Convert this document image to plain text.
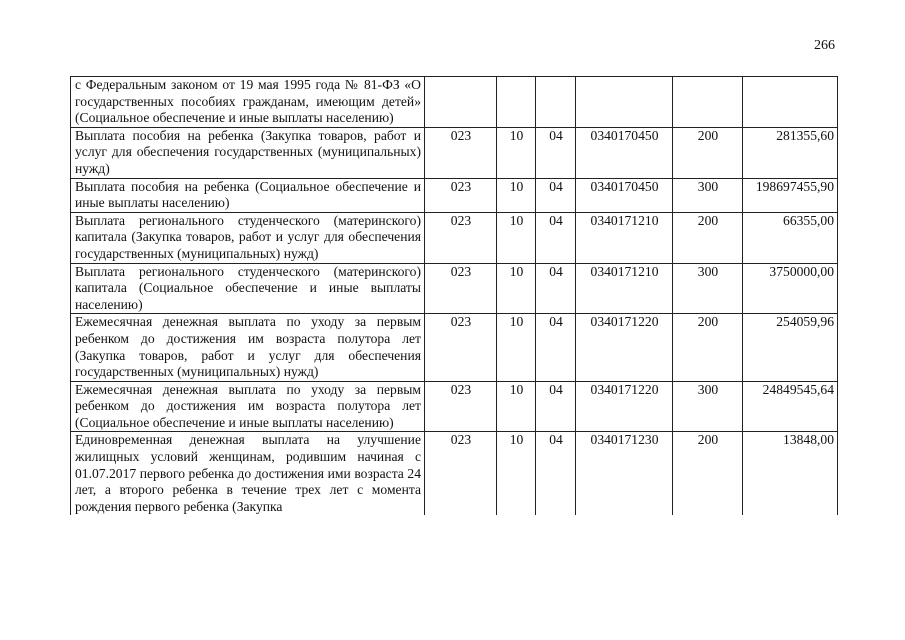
266
с Федеральным законом от 19 мая 1995 года № 81-ФЗ «О государственных пособиях гражданам, имеющим детей» (Социальное обеспечение и иные выплаты населению)						
Выплата пособия на ребенка (Закупка товаров, работ и услуг для обеспечения государственных (муниципальных) нужд)	023	10	04	0340170450	200	281355,60
Выплата пособия на ребенка (Социальное обеспечение и иные выплаты населению)	023	10	04	0340170450	300	198697455,90
Выплата регионального студенческого (материнского) капитала (Закупка товаров, работ и услуг для обеспечения государственных (муниципальных) нужд)	023	10	04	0340171210	200	66355,00
Выплата регионального студенческого (материнского) капитала (Социальное обеспечение и иные выплаты населению)	023	10	04	0340171210	300	3750000,00
Ежемесячная денежная выплата по уходу за первым ребенком до достижения им возраста полутора лет (Закупка товаров, работ и услуг для обеспечения государственных (муниципальных) нужд)	023	10	04	0340171220	200	254059,96
Ежемесячная денежная выплата по уходу за первым ребенком до достижения им возраста полутора лет (Социальное обеспечение и иные выплаты населению)	023	10	04	0340171220	300	24849545,64
Единовременная денежная выплата на улучшение жилищных условий женщинам, родившим начиная с 01.07.2017 первого ребенка до достижения ими возраста 24 лет, а второго ребенка в течение трех лет с момента рождения первого ребенка (Закупка	023	10	04	0340171230	200	13848,00
